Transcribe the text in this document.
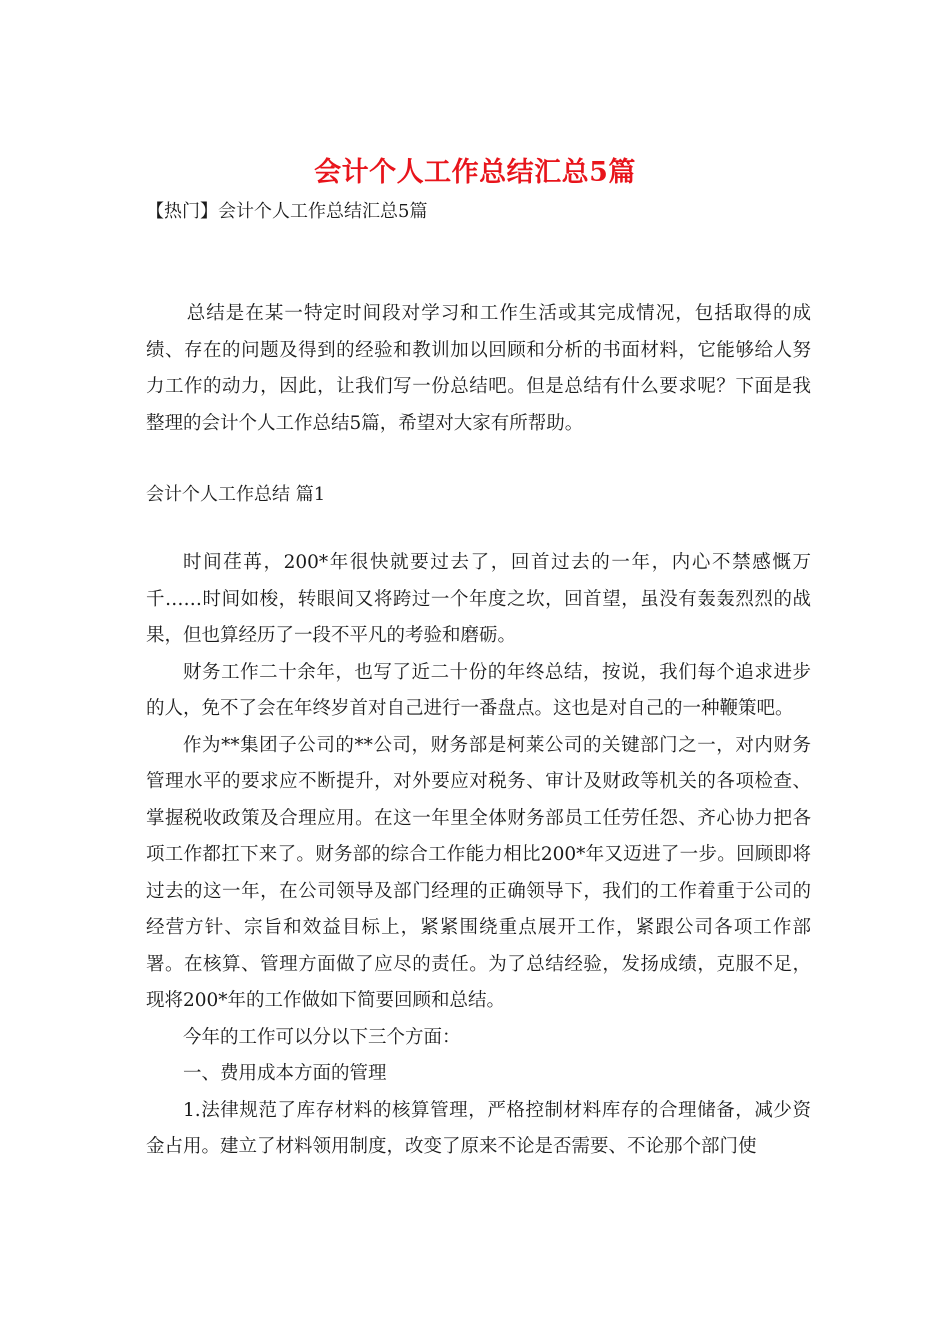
会计个人工作总结汇总5篇
【热门】会计个人工作总结汇总5篇

总结是在某一特定时间段对学习和工作生活或其完成情况，包括取得的成绩、存在的问题及得到的经验和教训加以回顾和分析的书面材料，它能够给人努力工作的动力，因此，让我们写一份总结吧。但是总结有什么要求呢？下面是我整理的会计个人工作总结5篇，希望对大家有所帮助。

会计个人工作总结 篇1

时间荏苒，200*年很快就要过去了，回首过去的一年，内心不禁感慨万千……时间如梭，转眼间又将跨过一个年度之坎，回首望，虽没有轰轰烈烈的战果，但也算经历了一段不平凡的考验和磨砺。

财务工作二十余年，也写了近二十份的年终总结，按说，我们每个追求进步的人，免不了会在年终岁首对自己进行一番盘点。这也是对自己的一种鞭策吧。

作为**集团子公司的**公司，财务部是柯莱公司的关键部门之一，对内财务管理水平的要求应不断提升，对外要应对税务、审计及财政等机关的各项检查、掌握税收政策及合理应用。在这一年里全体财务部员工任劳任怨、齐心协力把各项工作都扛下来了。财务部的综合工作能力相比200*年又迈进了一步。回顾即将过去的这一年，在公司领导及部门经理的正确领导下，我们的工作着重于公司的经营方针、宗旨和效益目标上，紧紧围绕重点展开工作，紧跟公司各项工作部署。在核算、管理方面做了应尽的责任。为了总结经验，发扬成绩，克服不足，现将200*年的工作做如下简要回顾和总结。

今年的工作可以分以下三个方面：

一、费用成本方面的管理

1.法律规范了库存材料的核算管理，严格控制材料库存的合理储备，减少资金占用。建立了材料领用制度，改变了原来不论是否需要、不论那个部门使
